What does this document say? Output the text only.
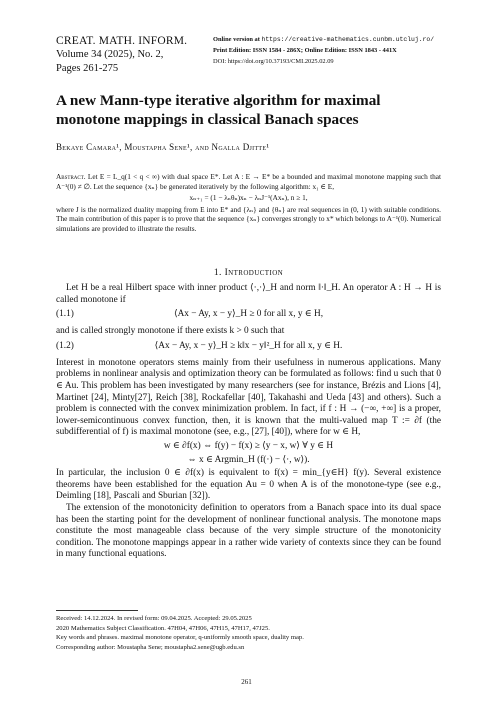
CREAT. MATH. INFORM.
Volume 34 (2025), No. 2,
Pages 261-275
Online version at https://creative-mathematics.cunbm.utcluj.ro/
Print Edition: ISSN 1584 - 286X; Online Edition: ISSN 1843 - 441X
DOI: https://doi.org/10.37193/CMI.2025.02.09
A new Mann-type iterative algorithm for maximal monotone mappings in classical Banach spaces
Bekaye Camara¹, Moustapha Sene¹, and Ngalla Djitte¹
Abstract. Let E = L_q(1 < q < ∞) with dual space E*. Let A : E → E* be a bounded and maximal monotone mapping such that A⁻¹(0) ≠ ∅. Let the sequence {xₙ} be generated iteratively by the following algorithm: x₁ ∈ E,
xₙ₊₁ = (1 − λₙθₙ)xₙ − λₙJ⁻¹(Axₙ), n ≥ 1,
where J is the normalized duality mapping from E into E* and {λₙ} and {θₙ} are real sequences in (0, 1) with suitable conditions. The main contribution of this paper is to prove that the sequence {xₙ} converges strongly to x* which belongs to A⁻¹(0). Numerical simulations are provided to illustrate the results.
1. Introduction

Let H be a real Hilbert space with inner product ⟨·,·⟩_H and norm ‖·‖_H. An operator A : H → H is called monotone if

(1.1)	⟨Ax − Ay, x − y⟩_H ≥ 0 for all x, y ∈ H,

and is called strongly monotone if there exists k > 0 such that

(1.2)	⟨Ax − Ay, x − y⟩_H ≥ k‖x − y‖²_H for all x, y ∈ H.

Interest in monotone operators stems mainly from their usefulness in numerous applications. Many problems in nonlinear analysis and optimization theory can be formulated as follows: find u such that 0 ∈ Au. This problem has been investigated by many researchers (see for instance, Brézis and Lions [4], Martinet [24], Minty[27], Reich [38], Rockafellar [40], Takahashi and Ueda [43] and others). Such a problem is connected with the convex minimization problem. In fact, if f : H → (−∞, +∞] is a proper, lower-semicontinuous convex function, then, it is known that the multi-valued map T := ∂f (the subdifferential of f) is maximal monotone (see, e.g., [27], [40]), where for w ∈ H,

w ∈ ∂f(x) ⇔ f(y) − f(x) ≥ ⟨y − x, w⟩ ∀ y ∈ H
⇔ x ∈ Argmin_H (f(·) − ⟨·, w⟩).

In particular, the inclusion 0 ∈ ∂f(x) is equivalent to f(x) = min_{y∈H} f(y). Several existence theorems have been established for the equation Au = 0 when A is of the monotone-type (see e.g., Deimling [18], Pascali and Sburian [32]).

The extension of the monotonicity definition to operators from a Banach space into its dual space has been the starting point for the development of nonlinear functional analysis. The monotone maps constitute the most manageable class because of the very simple structure of the monotonicity condition. The monotone mappings appear in a rather wide variety of contexts since they can be found in many functional equations.

Received: 14.12.2024. In revised form: 09.04.2025. Accepted: 29.05.2025
2020 Mathematics Subject Classification. 47H04, 47H06, 47H15, 47H17, 47J25.
Key words and phrases. maximal monotone operator, q-uniformly smooth space, duality map.
Corresponding author: Moustapha Sene; moustapha2.sene@ugb.edu.sn
261
